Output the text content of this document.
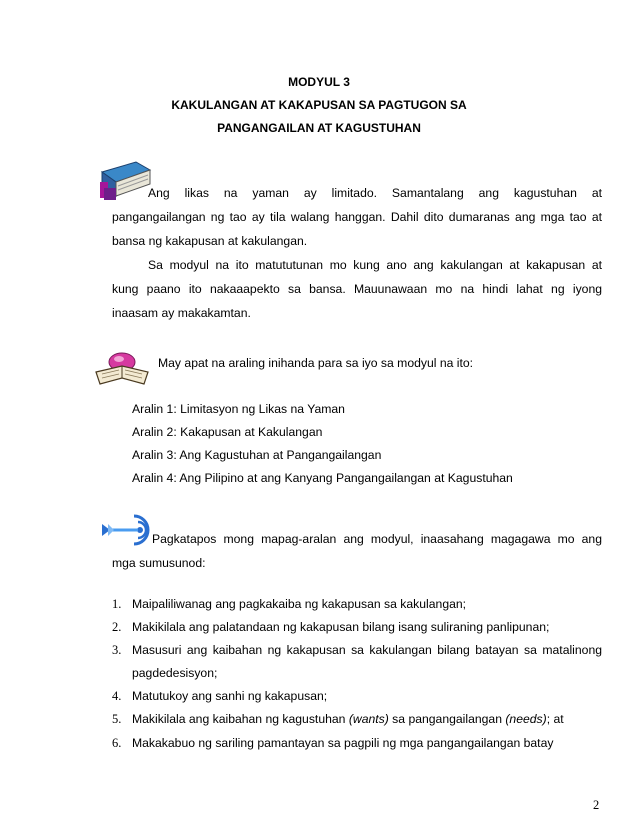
MODYUL 3
KAKULANGAN AT KAKAPUSAN SA PAGTUGON SA
PANGANGAILAN AT KAGUSTUHAN
Ang likas na yaman ay limitado. Samantalang ang kagustuhan at
pangangailangan ng tao ay tila walang hanggan. Dahil dito dumaranas ang mga tao at
bansa ng kakapusan at kakulangan.
Sa modyul na ito matututunan mo kung ano ang kakulangan at kakapusan at
kung paano ito nakaaapekto sa bansa. Mauunawaan mo na hindi lahat ng iyong
inaasam ay makakamtan.
May apat na araling inihanda para sa iyo sa modyul na ito:
Aralin 1: Limitasyon ng Likas na Yaman
Aralin 2: Kakapusan at Kakulangan
Aralin 3: Ang Kagustuhan at Pangangailangan
Aralin 4: Ang Pilipino at ang Kanyang Pangangailangan at Kagustuhan
Pagkatapos mong mapag-aralan ang modyul, inaasahang magagawa mo ang
mga sumusunod:
1. Maipaliliwanag ang pagkakaiba ng kakapusan sa kakulangan;
2. Makikilala ang palatandaan ng kakapusan bilang isang suliraning panlipunan;
3. Masusuri ang kaibahan ng kakapusan sa kakulangan bilang batayan sa matalinong
pagdedesisyon;
4. Matutukoy ang sanhi ng kakapusan;
5. Makikilala ang kaibahan ng kagustuhan (wants) sa pangangailangan (needs); at
6. Makakabuo ng sariling pamantayan sa pagpili ng mga pangangailangan batay
2
